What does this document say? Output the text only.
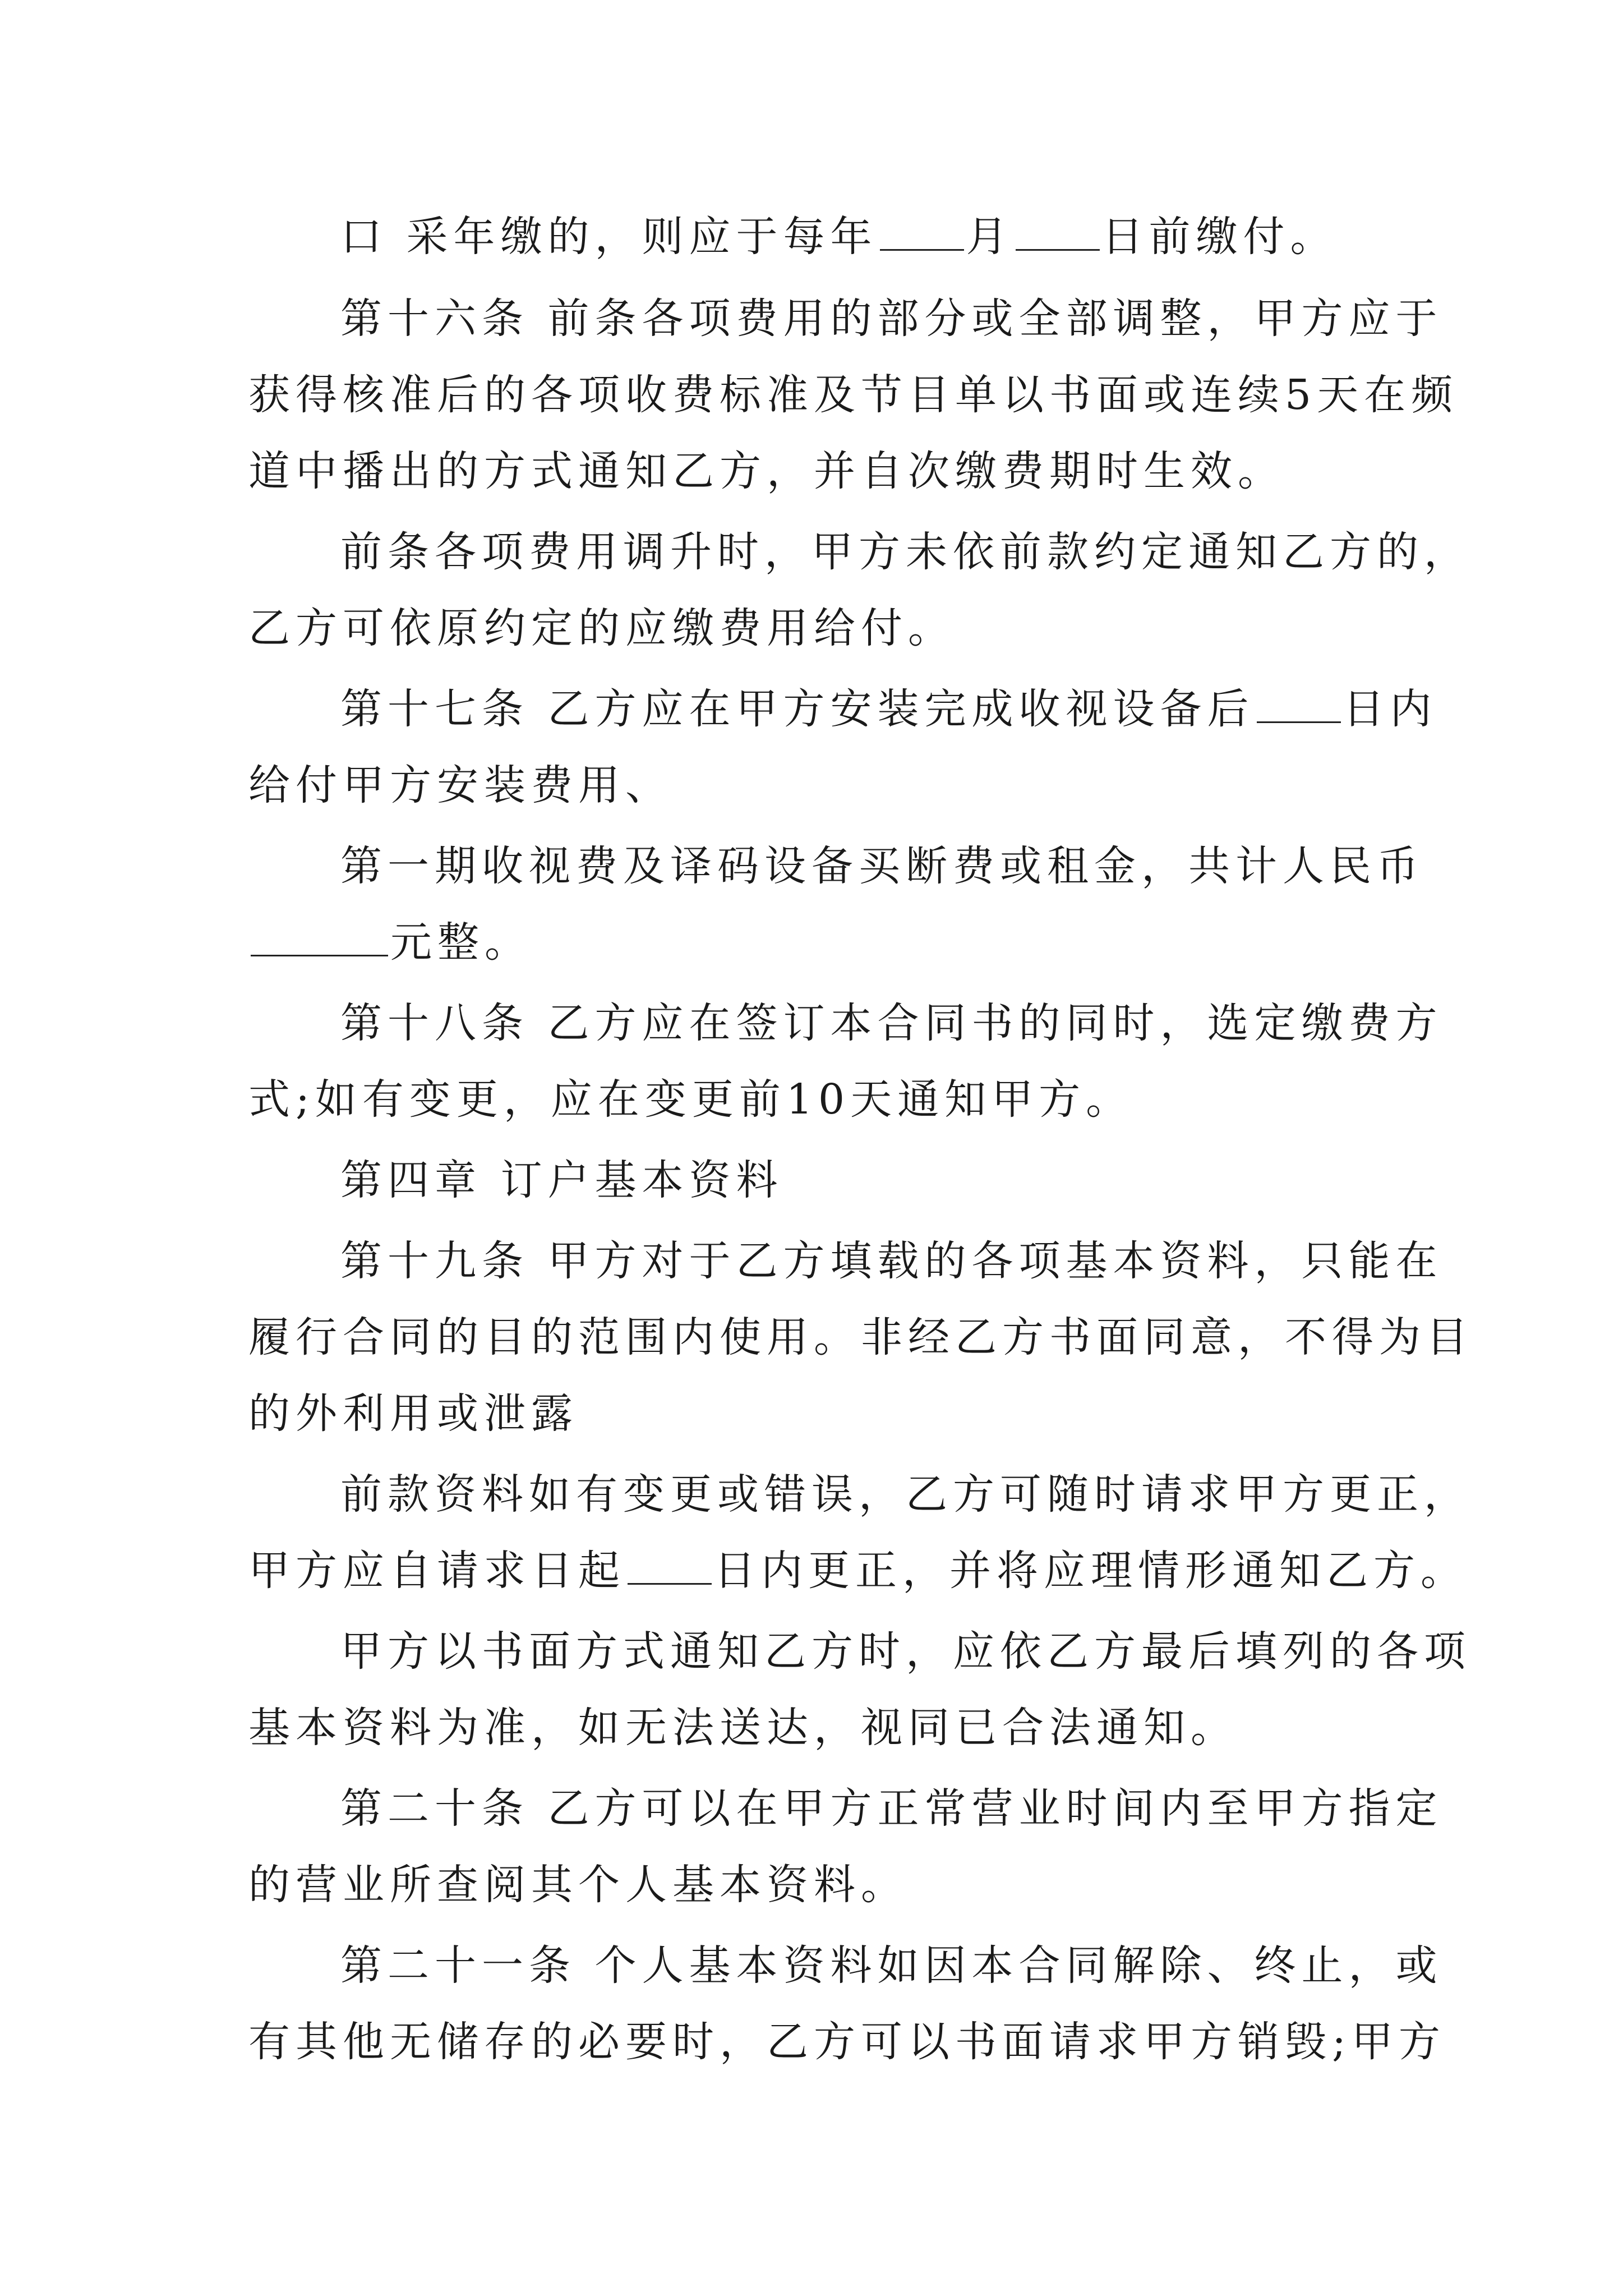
口 采年缴的，则应于每年 月 日前缴付。
第十六条 前条各项费用的部分或全部调整，甲方应于
获得核准后的各项收费标准及节目单以书面或连续5天在频
道中播出的方式通知乙方，并自次缴费期时生效。
前条各项费用调升时，甲方未依前款约定通知乙方的，
乙方可依原约定的应缴费用给付。
第十七条 乙方应在甲方安装完成收视设备后 日内
给付甲方安装费用、
第一期收视费及译码设备买断费或租金，共计人民币
元整。
第十八条 乙方应在签订本合同书的同时，选定缴费方
式;如有变更，应在变更前10天通知甲方。
第四章 订户基本资料
第十九条 甲方对于乙方填载的各项基本资料，只能在
履行合同的目的范围内使用。非经乙方书面同意，不得为目
的外利用或泄露
前款资料如有变更或错误，乙方可随时请求甲方更正，
甲方应自请求日起 日内更正，并将应理情形通知乙方。
甲方以书面方式通知乙方时，应依乙方最后填列的各项
基本资料为准，如无法送达，视同已合法通知。
第二十条 乙方可以在甲方正常营业时间内至甲方指定
的营业所查阅其个人基本资料。
第二十一条 个人基本资料如因本合同解除、终止，或
有其他无储存的必要时，乙方可以书面请求甲方销毁;甲方
